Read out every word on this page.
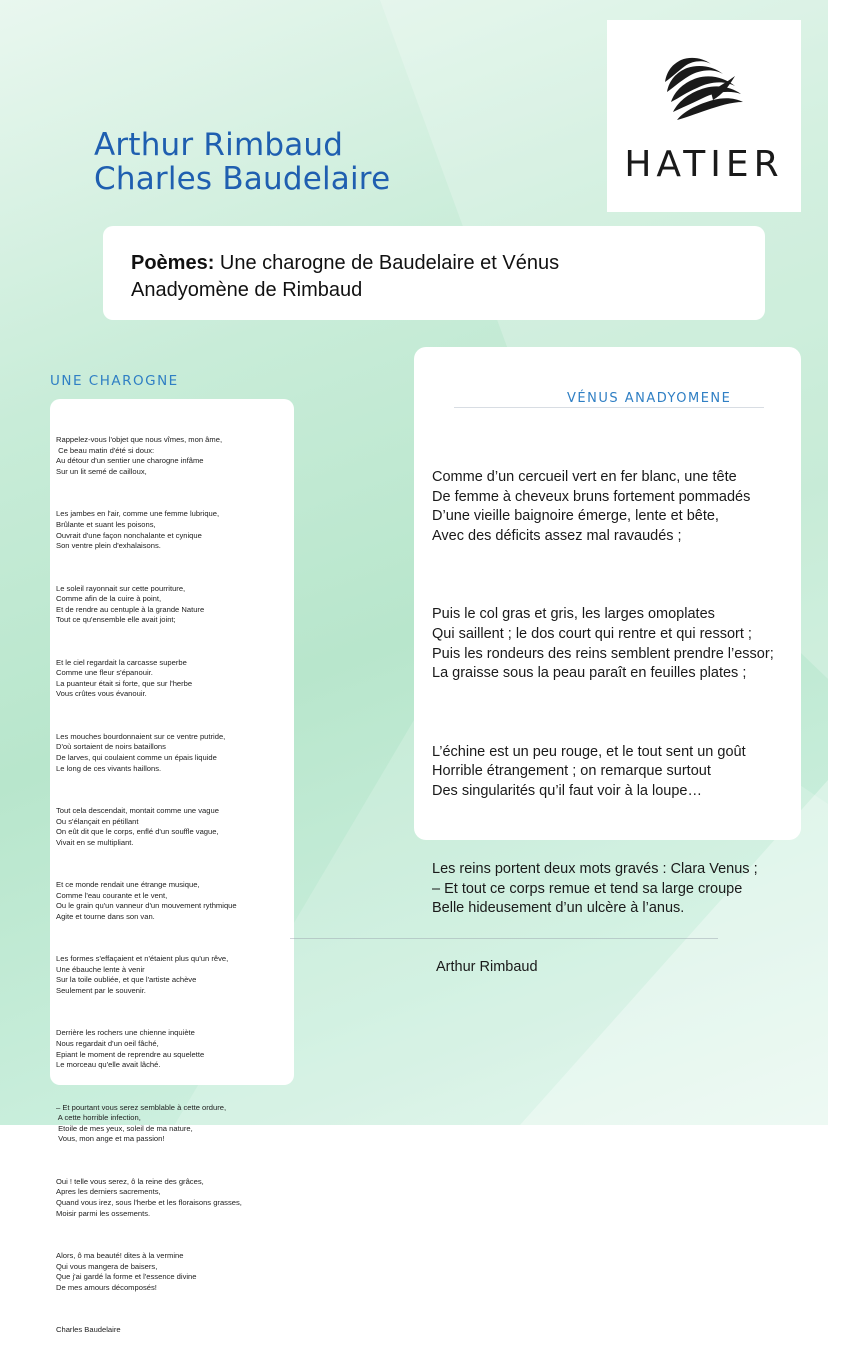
Arthur Rimbaud
Charles Baudelaire	HATIER
Poèmes: Une charogne de Baudelaire et Vénus
Anadyomène de Rimbaud
UNE CHAROGNE

Rappelez-vous l'objet que nous vîmes, mon âme,
Ce beau matin d'été si doux:
Au détour d'un sentier une charogne infâme
Sur un lit semé de cailloux,

Les jambes en l'air, comme une femme lubrique,
Brûlante et suant les poisons,
Ouvrait d'une façon nonchalante et cynique
Son ventre plein d'exhalaisons.

Le soleil rayonnait sur cette pourriture,
Comme afin de la cuire à point,
Et de rendre au centuple à la grande Nature
Tout ce qu'ensemble elle avait joint;

Et le ciel regardait la carcasse superbe
Comme une fleur s'épanouir.
La puanteur était si forte, que sur l'herbe
Vous crûtes vous évanouir.

Les mouches bourdonnaient sur ce ventre putride,
D'où sortaient de noirs bataillons
De larves, qui coulaient comme un épais liquide
Le long de ces vivants haillons.

Tout cela descendait, montait comme une vague
Ou s'élançait en pétillant
On eût dit que le corps, enflé d'un souffle vague,
Vivait en se multipliant.

Et ce monde rendait une étrange musique,
Comme l'eau courante et le vent,
Ou le grain qu'un vanneur d'un mouvement rythmique
Agite et tourne dans son van.

Les formes s'effaçaient et n'étaient plus qu'un rêve,
Une ébauche lente à venir
Sur la toile oubliée, et que l'artiste achève
Seulement par le souvenir.

Derrière les rochers une chienne inquiète
Nous regardait d'un oeil fâché,
Epiant le moment de reprendre au squelette
Le morceau qu'elle avait lâché.

– Et pourtant vous serez semblable à cette ordure,
A cette horrible infection,
Etoile de mes yeux, soleil de ma nature,
Vous, mon ange et ma passion!

Oui ! telle vous serez, ô la reine des grâces,
Apres les derniers sacrements,
Quand vous irez, sous l'herbe et les floraisons grasses,
Moisir parmi les ossements.

Alors, ô ma beauté! dites à la vermine
Qui vous mangera de baisers,
Que j'ai gardé la forme et l'essence divine
De mes amours décomposés!

Charles Baudelaire

VÉNUS ANADYOMENE

Comme d’un cercueil vert en fer blanc, une tête
De femme à cheveux bruns fortement pommadés
D’une vieille baignoire émerge, lente et bête,
Avec des déficits assez mal ravaudés ;

Puis le col gras et gris, les larges omoplates
Qui saillent ; le dos court qui rentre et qui ressort ;
Puis les rondeurs des reins semblent prendre l’essor;
La graisse sous la peau paraît en feuilles plates ;

L’échine est un peu rouge, et le tout sent un goût
Horrible étrangement ; on remarque surtout
Des singularités qu’il faut voir à la loupe…

Les reins portent deux mots gravés : Clara Venus ;
– Et tout ce corps remue et tend sa large croupe
Belle hideusement d’un ulcère à l’anus.

Arthur Rimbaud
